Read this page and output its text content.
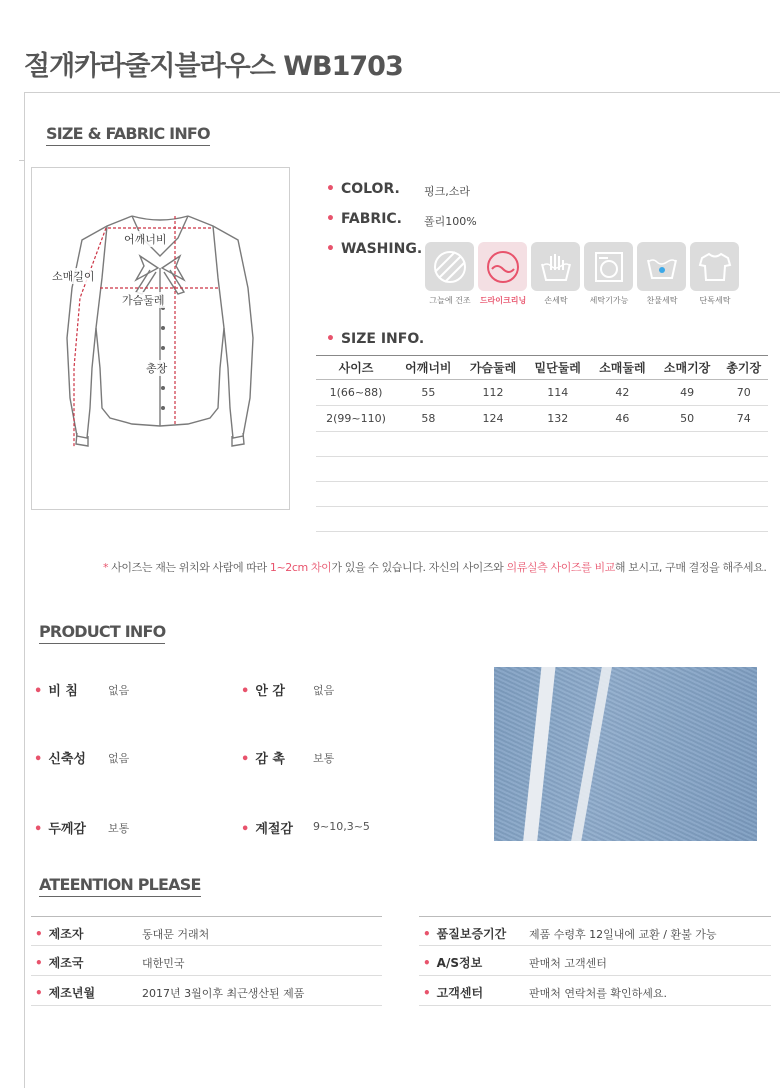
절개카라줄지블라우스 WB1703
SIZE & FABRIC INFO
어깨너비
소매길이
가슴둘레
총장
• COLOR. 핑크,소라
• FABRIC. 폴리100%
• WASHING.
그늘에 건조	드라이크리닝	손세탁	세탁기가능	찬물세탁	단독세탁
• SIZE INFO.
사이즈	어깨너비	가슴둘레	밑단둘레	소매둘레	소매기장	총기장
1(66~88)	55	112	114	42	49	70
2(99~110)	58	124	132	46	50	74

* 사이즈는 재는 위치와 사람에 따라 1~2cm 차이가 있을 수 있습니다. 자신의 사이즈와 의류실측 사이즈를 비교해 보시고, 구매 결정을 해주세요.
PRODUCT INFO
• 비 침	없음	• 안 감	없음
• 신축성 없음	• 감 촉	보통
• 두께감 보통	• 계절감 9~10,3~5
ATEENTION PLEASE
• 제조자	동대문 거래처
• 제조국	대한민국
• 제조년월	2017년 3월이후 최근생산된 제품
• 품질보증기간 제품 수령후 12일내에 교환 / 환불 가능
• A/S정보	판매처 고객센터
• 고객센터	판매처 연락처를 확인하세요.
